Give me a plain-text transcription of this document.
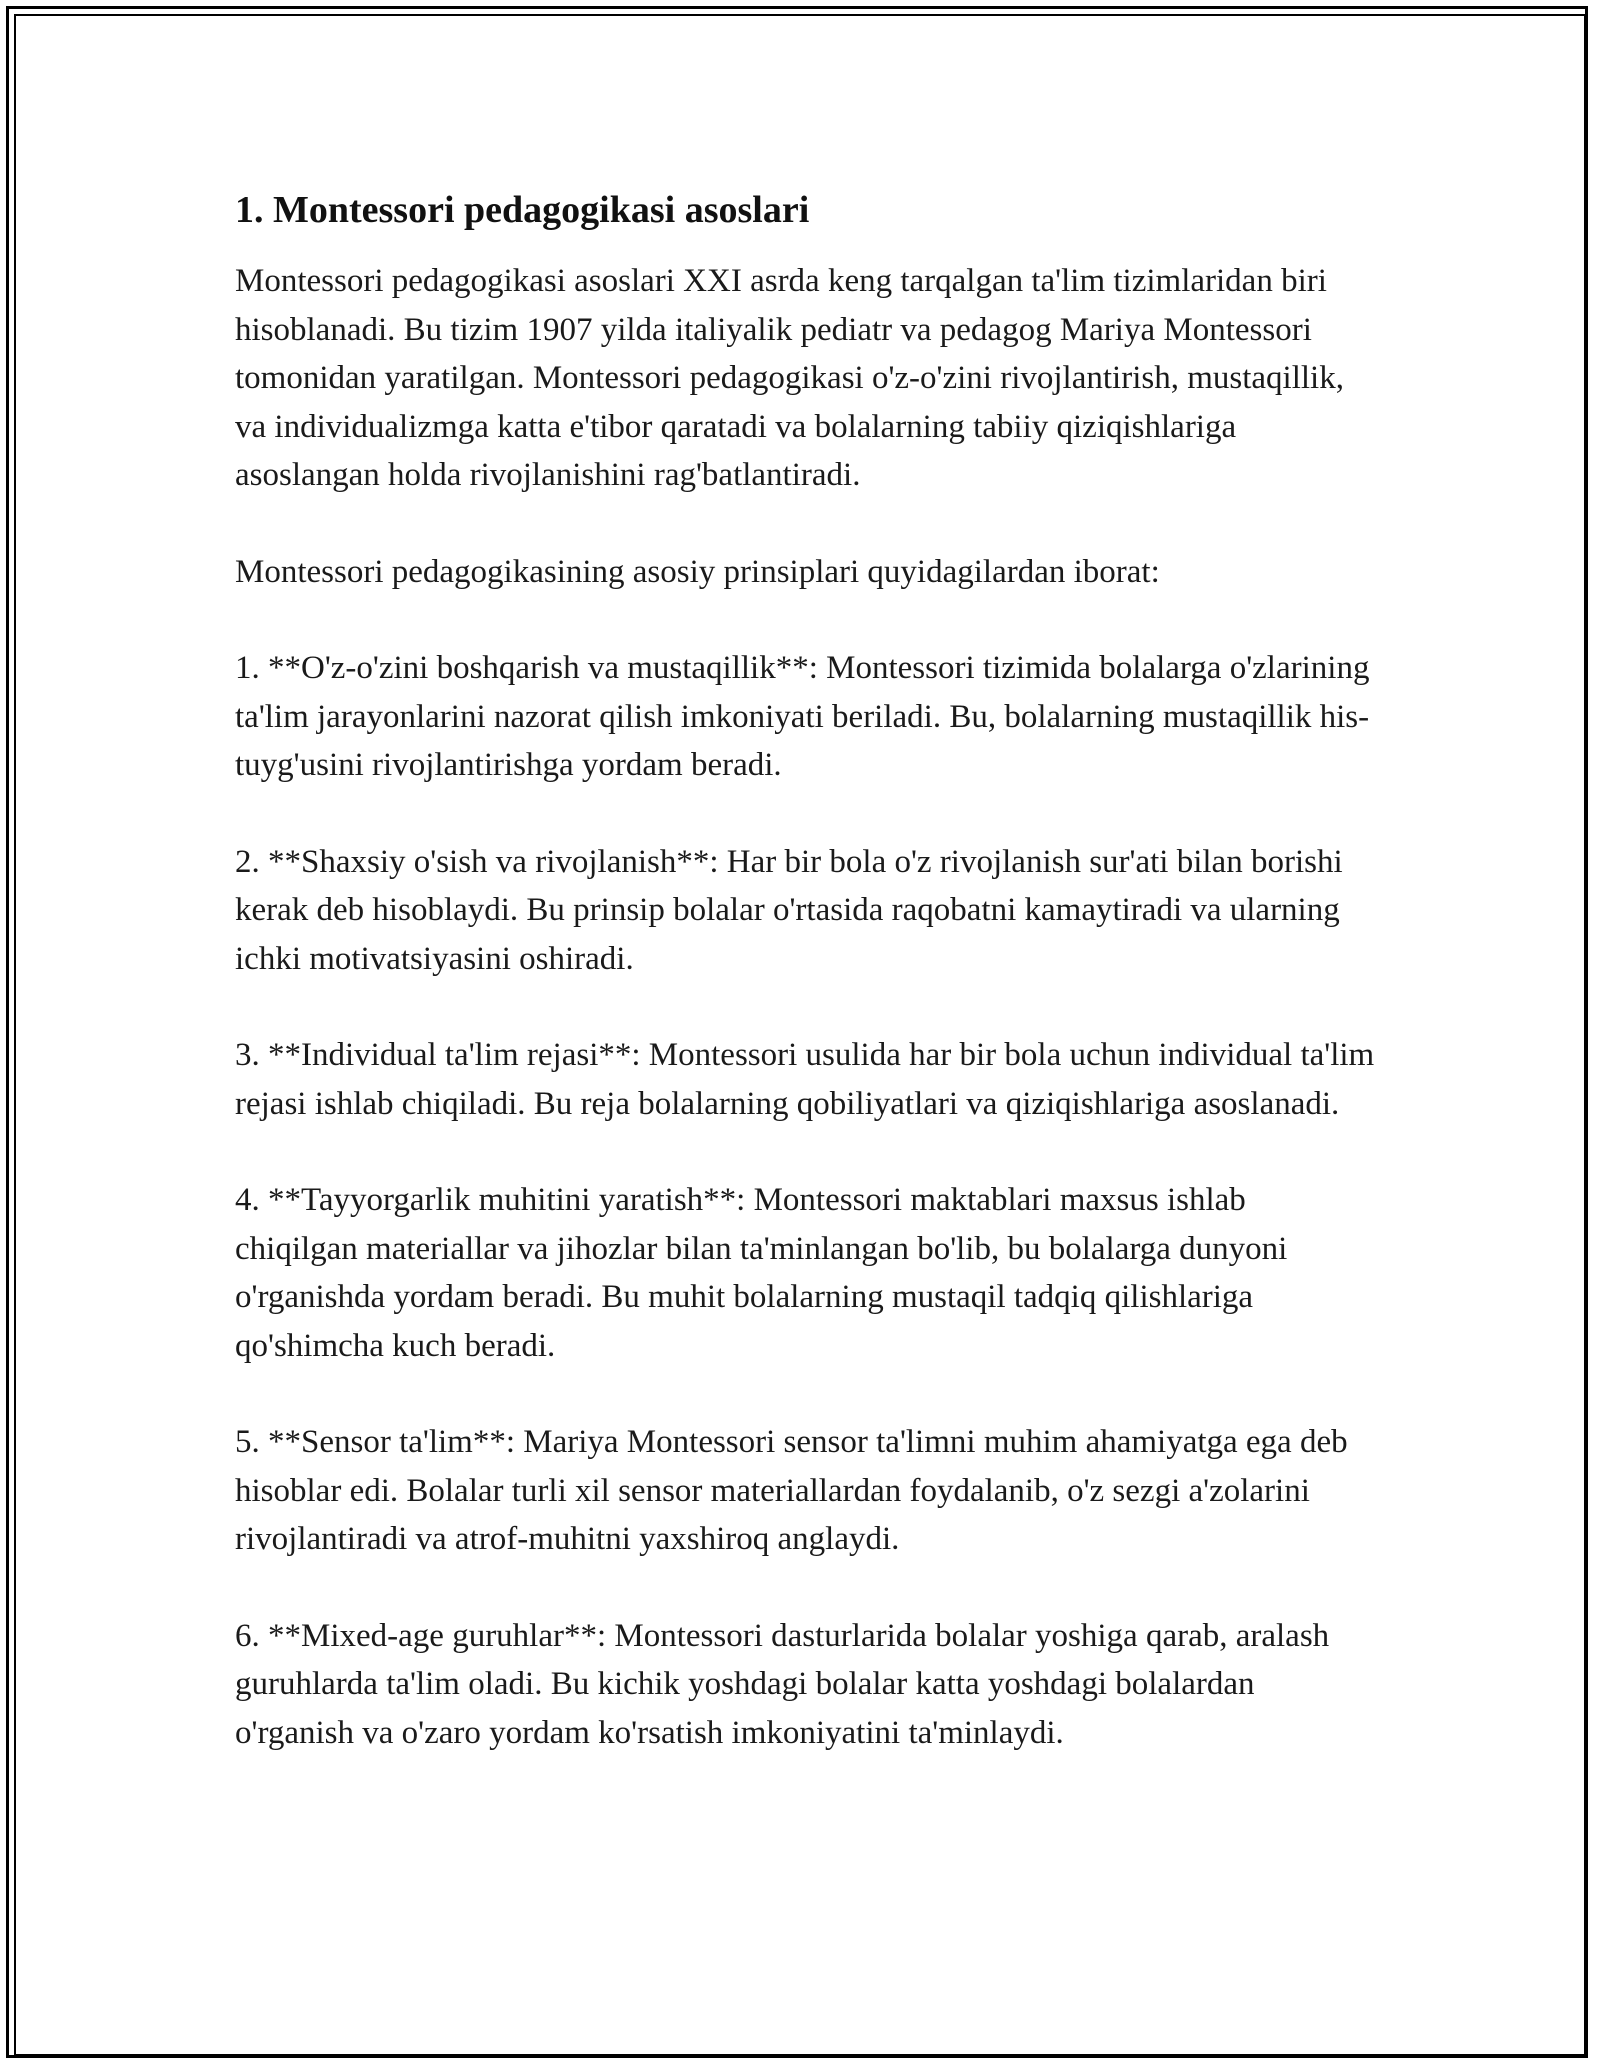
1. Montessori pedagogikasi asoslari

Montessori pedagogikasi asoslari XXI asrda keng tarqalgan ta'lim tizimlaridan biri hisoblanadi. Bu tizim 1907 yilda italiyalik pediatr va pedagog Mariya Montessori tomonidan yaratilgan. Montessori pedagogikasi o'z-o'zini rivojlantirish, mustaqillik, va individualizmga katta e'tibor qaratadi va bolalarning tabiiy qiziqishlariga asoslangan holda rivojlanishini rag'batlantiradi.

Montessori pedagogikasining asosiy prinsiplari quyidagilardan iborat:

1. **O'z-o'zini boshqarish va mustaqillik**: Montessori tizimida bolalarga o'zlarining ta'lim jarayonlarini nazorat qilish imkoniyati beriladi. Bu, bolalarning mustaqillik his-tuyg'usini rivojlantirishga yordam beradi.

2. **Shaxsiy o'sish va rivojlanish**: Har bir bola o'z rivojlanish sur'ati bilan borishi kerak deb hisoblaydi. Bu prinsip bolalar o'rtasida raqobatni kamaytiradi va ularning ichki motivatsiyasini oshiradi.

3. **Individual ta'lim rejasi**: Montessori usulida har bir bola uchun individual ta'lim rejasi ishlab chiqiladi. Bu reja bolalarning qobiliyatlari va qiziqishlariga asoslanadi.

4. **Tayyorgarlik muhitini yaratish**: Montessori maktablari maxsus ishlab chiqilgan materiallar va jihozlar bilan ta'minlangan bo'lib, bu bolalarga dunyoni o'rganishda yordam beradi. Bu muhit bolalarning mustaqil tadqiq qilishlariga qo'shimcha kuch beradi.

5. **Sensor ta'lim**: Mariya Montessori sensor ta'limni muhim ahamiyatga ega deb hisoblar edi. Bolalar turli xil sensor materiallardan foydalanib, o'z sezgi a'zolarini rivojlantiradi va atrof-muhitni yaxshiroq anglaydi.

6. **Mixed-age guruhlar**: Montessori dasturlarida bolalar yoshiga qarab, aralash guruhlarda ta'lim oladi. Bu kichik yoshdagi bolalar katta yoshdagi bolalardan o'rganish va o'zaro yordam ko'rsatish imkoniyatini ta'minlaydi.
